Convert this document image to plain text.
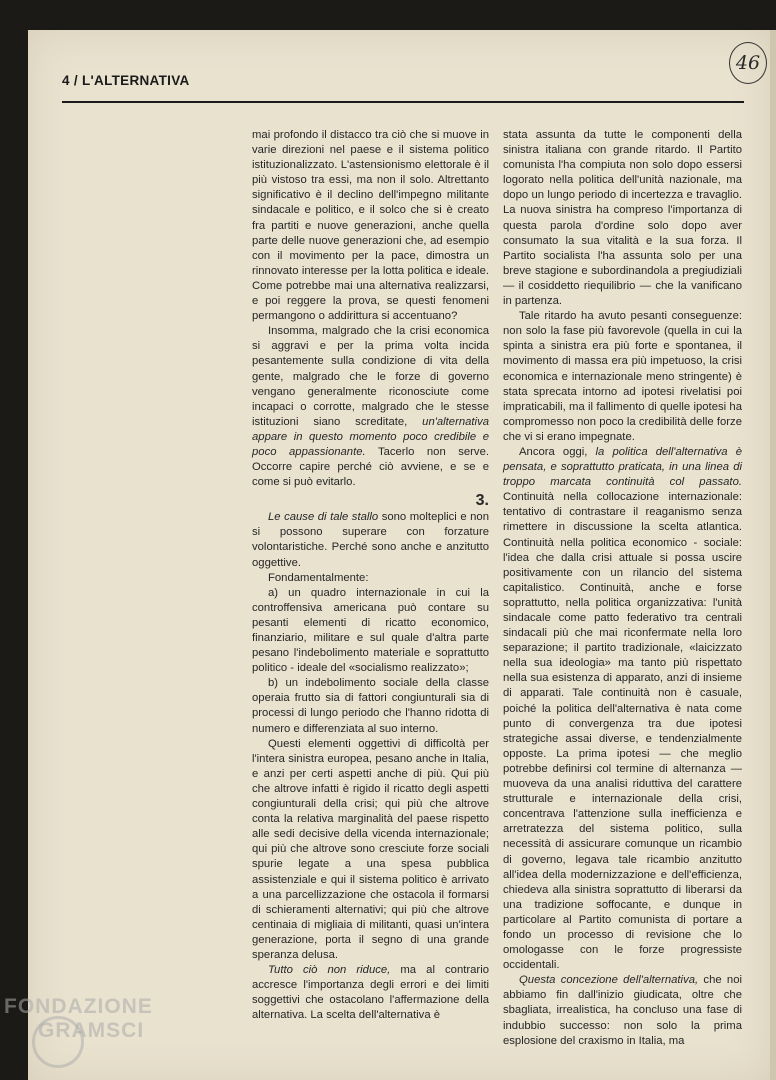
4 / L'ALTERNATIVA
46

mai profondo il distacco tra ciò che si muove in varie direzioni nel paese e il sistema politico istituzionalizzato. L'astensionismo elettorale è il più vistoso tra essi, ma non il solo. Altrettanto significativo è il declino dell'impegno militante sindacale e politico, e il solco che si è creato fra partiti e nuove generazioni, anche quella parte delle nuove generazioni che, ad esempio con il movimento per la pace, dimostra un rinnovato interesse per la lotta politica e ideale. Come potrebbe mai una alternativa realizzarsi, e poi reggere la prova, se questi fenomeni permangono o addirittura si accentuano?

Insomma, malgrado che la crisi economica si aggravi e per la prima volta incida pesantemente sulla condizione di vita della gente, malgrado che le forze di governo vengano generalmente riconosciute come incapaci o corrotte, malgrado che le stesse istituzioni siano screditate, un'alternativa appare in questo momento poco credibile e poco appassionante. Tacerlo non serve. Occorre capire perché ciò avviene, e se e come si può evitarlo.

3.

Le cause di tale stallo sono molteplici e non si possono superare con forzature volontaristiche. Perché sono anche e anzitutto oggettive.

Fondamentalmente:

a) un quadro internazionale in cui la controffensiva americana può contare su pesanti elementi di ricatto economico, finanziario, militare e sul quale d'altra parte pesano l'indebolimento materiale e soprattutto politico - ideale del «socialismo realizzato»;

b) un indebolimento sociale della classe operaia frutto sia di fattori congiunturali sia di processi di lungo periodo che l'hanno ridotta di numero e differenziata al suo interno.

Questi elementi oggettivi di difficoltà per l'intera sinistra europea, pesano anche in Italia, e anzi per certi aspetti anche di più. Qui più che altrove infatti è rigido il ricatto degli aspetti congiunturali della crisi; qui più che altrove conta la relativa marginalità del paese rispetto alle sedi decisive della vicenda internazionale; qui più che altrove sono cresciute forze sociali spurie legate a una spesa pubblica assistenziale e qui il sistema politico è arrivato a una parcellizzazione che ostacola il formarsi di schieramenti alternativi; qui più che altrove centinaia di migliaia di militanti, quasi un'intera generazione, porta il segno di una grande speranza delusa.

Tutto ciò non riduce, ma al contrario accresce l'importanza degli errori e dei limiti soggettivi che ostacolano l'affermazione della alternativa. La scelta dell'alternativa è

stata assunta da tutte le componenti della sinistra italiana con grande ritardo. Il Partito comunista l'ha compiuta non solo dopo essersi logorato nella politica dell'unità nazionale, ma dopo un lungo periodo di incertezza e travaglio. La nuova sinistra ha compreso l'importanza di questa parola d'ordine solo dopo aver consumato la sua vitalità e la sua forza. Il Partito socialista l'ha assunta solo per una breve stagione e subordinandola a pregiudiziali — il cosiddetto riequilibrio — che la vanificano in partenza.

Tale ritardo ha avuto pesanti conseguenze: non solo la fase più favorevole (quella in cui la spinta a sinistra era più forte e spontanea, il movimento di massa era più impetuoso, la crisi economica e internazionale meno stringente) è stata sprecata intorno ad ipotesi rivelatisi poi impraticabili, ma il fallimento di quelle ipotesi ha compromesso non poco la credibilità delle forze che vi si erano impegnate.

Ancora oggi, la politica dell'alternativa è pensata, e soprattutto praticata, in una linea di troppo marcata continuità col passato. Continuità nella collocazione internazionale: tentativo di contrastare il reaganismo senza rimettere in discussione la scelta atlantica. Continuità nella politica economico - sociale: l'idea che dalla crisi attuale si possa uscire positivamente con un rilancio del sistema capitalistico. Continuità, anche e forse soprattutto, nella politica organizzativa: l'unità sindacale come patto federativo tra centrali sindacali più che mai riconfermate nella loro separazione; il partito tradizionale, «laicizzato nella sua ideologia» ma tanto più rispettato nella sua esistenza di apparato, anzi di insieme di apparati. Tale continuità non è casuale, poiché la politica dell'alternativa è nata come punto di convergenza tra due ipotesi strategiche assai diverse, e tendenzialmente opposte. La prima ipotesi — che meglio potrebbe definirsi col termine di alternanza — muoveva da una analisi riduttiva del carattere strutturale e internazionale della crisi, concentrava l'attenzione sulla inefficienza e arretratezza del sistema politico, sulla necessità di assicurare comunque un ricambio di governo, legava tale ricambio anzitutto all'idea della modernizzazione e dell'efficienza, chiedeva alla sinistra soprattutto di liberarsi da una tradizione soffocante, e dunque in particolare al Partito comunista di portare a fondo un processo di revisione che lo omologasse con le forze progressiste occidentali.

Questa concezione dell'alternativa, che noi abbiamo fin dall'inizio giudicata, oltre che sbagliata, irrealistica, ha concluso una fase di indubbio successo: non solo la prima esplosione del craxismo in Italia, ma

FONDAZIONE
GRAMSCI
